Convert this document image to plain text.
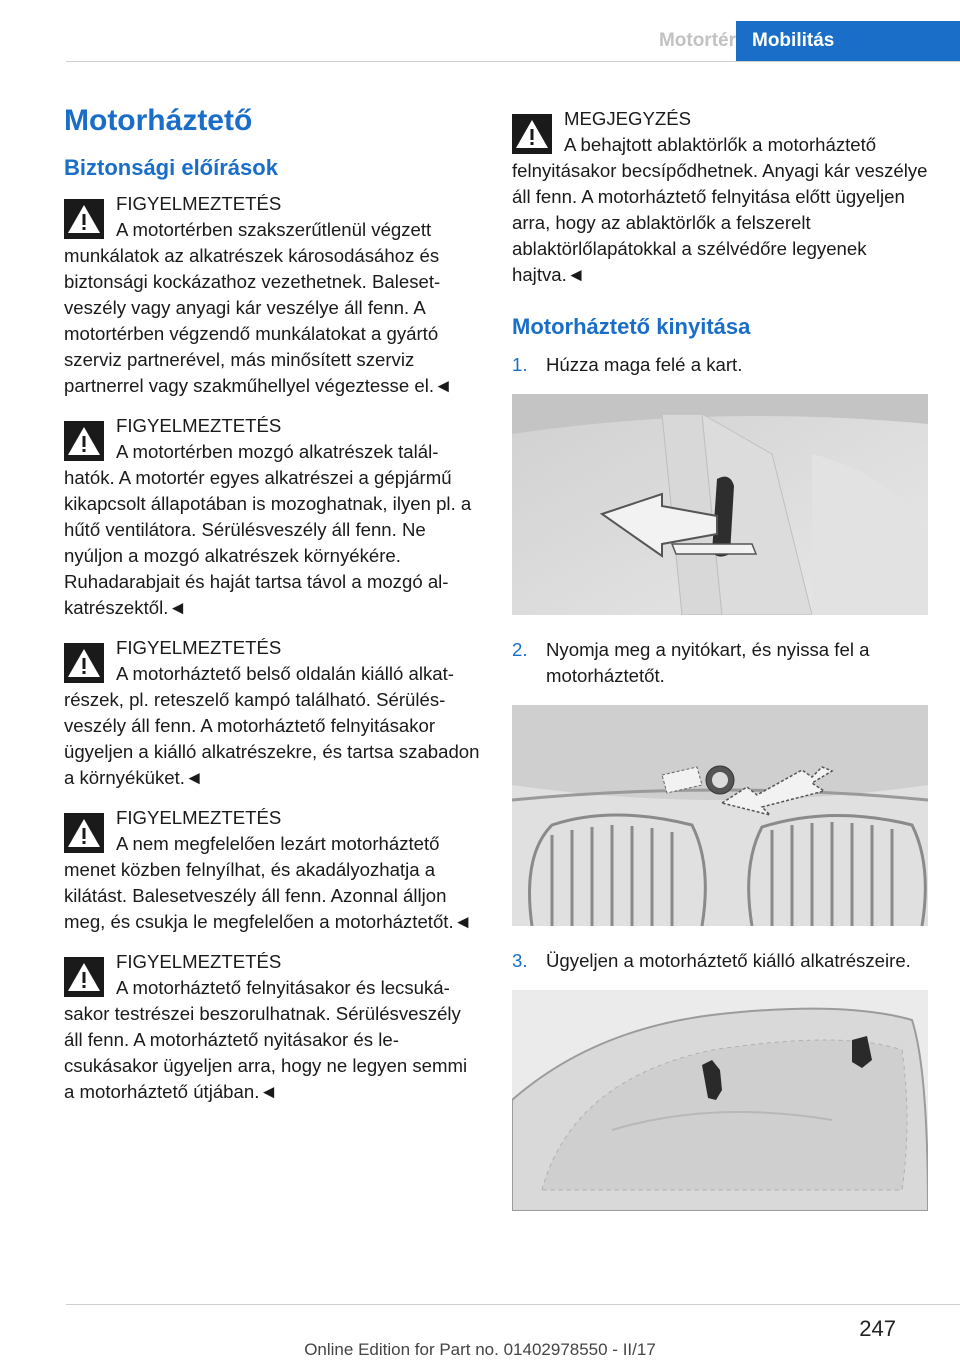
Motortér Mobilitás
Motorháztető
Biztonsági előírások
FIGYELMEZTETÉS
A motortérben szakszerűtlenül végzett munkálatok az alkatrészek károsodásához és biztonsági kockázathoz vezethetnek. Balesetveszély vagy anyagi kár veszélye áll fenn. A motortérben végzendő munkálatokat a gyártó szerviz partnerével, más minősített szerviz partnerrel vagy szakműhellyel végeztesse el.◄
FIGYELMEZTETÉS
A motortérben mozgó alkatrészek találhatók. A motortér egyes alkatrészei a gépjármű kikapcsolt állapotában is mozoghatnak, ilyen pl. a hűtő ventilátora. Sérülésveszély áll fenn. Ne nyúljon a mozgó alkatrészek környékére. Ruhadarabjait és haját tartsa távol a mozgó alkatrészektől.◄
FIGYELMEZTETÉS
A motorháztető belső oldalán kiálló alkatrészek, pl. reteszelő kampó található. Sérülésveszély áll fenn. A motorháztető felnyitásakor ügyeljen a kiálló alkatrészekre, és tartsa szabadon a környéküket.◄
FIGYELMEZTETÉS
A nem megfelelően lezárt motorháztető menet közben felnyílhat, és akadályozhatja a kilátást. Balesetveszély áll fenn. Azonnal álljon meg, és csukja le megfelelően a motorháztetőt.◄
FIGYELMEZTETÉS
A motorháztető felnyitásakor és lecsukásakor testrészei beszorulhatnak. Sérülésveszély áll fenn. A motorháztető nyitásakor és lecsukásakor ügyeljen arra, hogy ne legyen semmi a motorháztető útjában.◄
MEGJEGYZÉS
A behajtott ablaktörlők a motorháztető felnyitásakor becsípődhetnek. Anyagi kár veszélye áll fenn. A motorháztető felnyitása előtt ügyeljen arra, hogy az ablaktörlők a felszerelt ablaktörlőlapátokkal a szélvédőre legyenek hajtva.◄
Motorháztető kinyitása
1. Húzza maga felé a kart.
2. Nyomja meg a nyitókart, és nyissa fel a motorháztetőt.
3. Ügyeljen a motorháztető kiálló alkatrészeire.
247
Online Edition for Part no. 01402978550 - II/17
